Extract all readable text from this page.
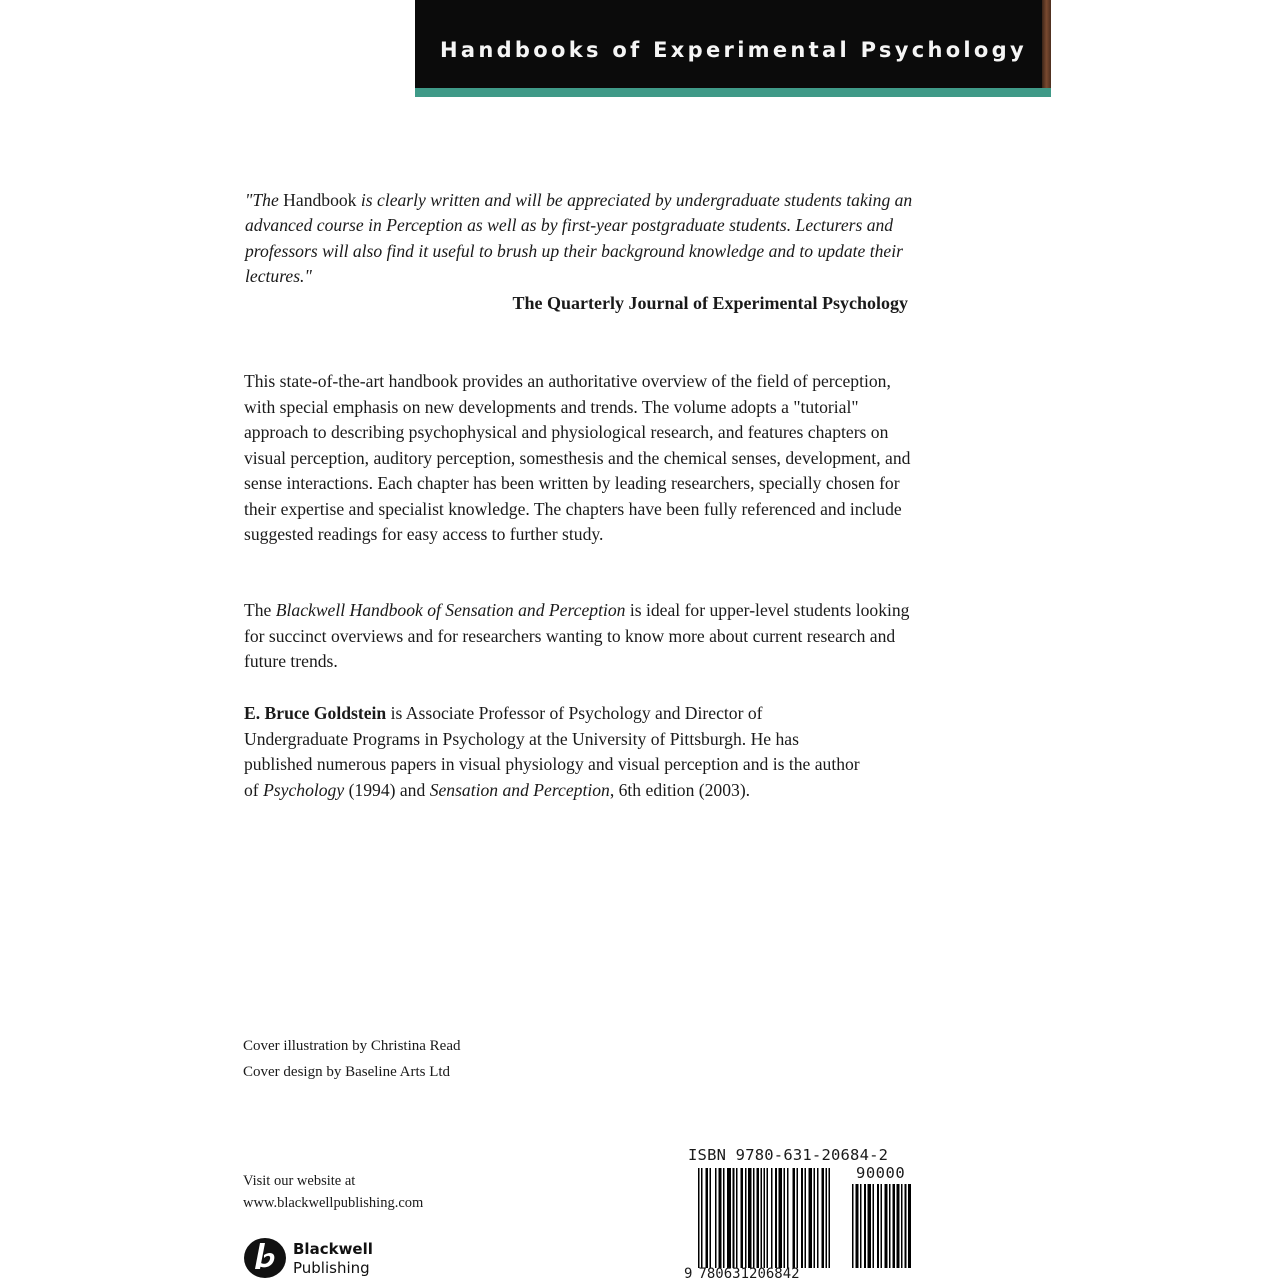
Handbooks of Experimental Psychology
"The Handbook is clearly written and will be appreciated by undergraduate students taking an advanced course in Perception as well as by first-year postgraduate students. Lecturers and professors will also find it useful to brush up their background knowledge and to update their lectures."
The Quarterly Journal of Experimental Psychology

This state-of-the-art handbook provides an authoritative overview of the field of perception, with special emphasis on new developments and trends. The volume adopts a "tutorial" approach to describing psychophysical and physiological research, and features chapters on visual perception, auditory perception, somesthesis and the chemical senses, development, and sense interactions. Each chapter has been written by leading researchers, specially chosen for their expertise and specialist knowledge. The chapters have been fully referenced and include suggested readings for easy access to further study.

The Blackwell Handbook of Sensation and Perception is ideal for upper-level students looking for succinct overviews and for researchers wanting to know more about current research and future trends.

E. Bruce Goldstein is Associate Professor of Psychology and Director of Undergraduate Programs in Psychology at the University of Pittsburgh. He has published numerous papers in visual physiology and visual perception and is the author of Psychology (1994) and Sensation and Perception, 6th edition (2003).

Cover illustration by Christina Read
Cover design by Baseline Arts Ltd
Visit our website at
www.blackwellpublishing.com
Blackwell
Publishing
ISBN 9780-631-20684-2
90000
9 780631206842
